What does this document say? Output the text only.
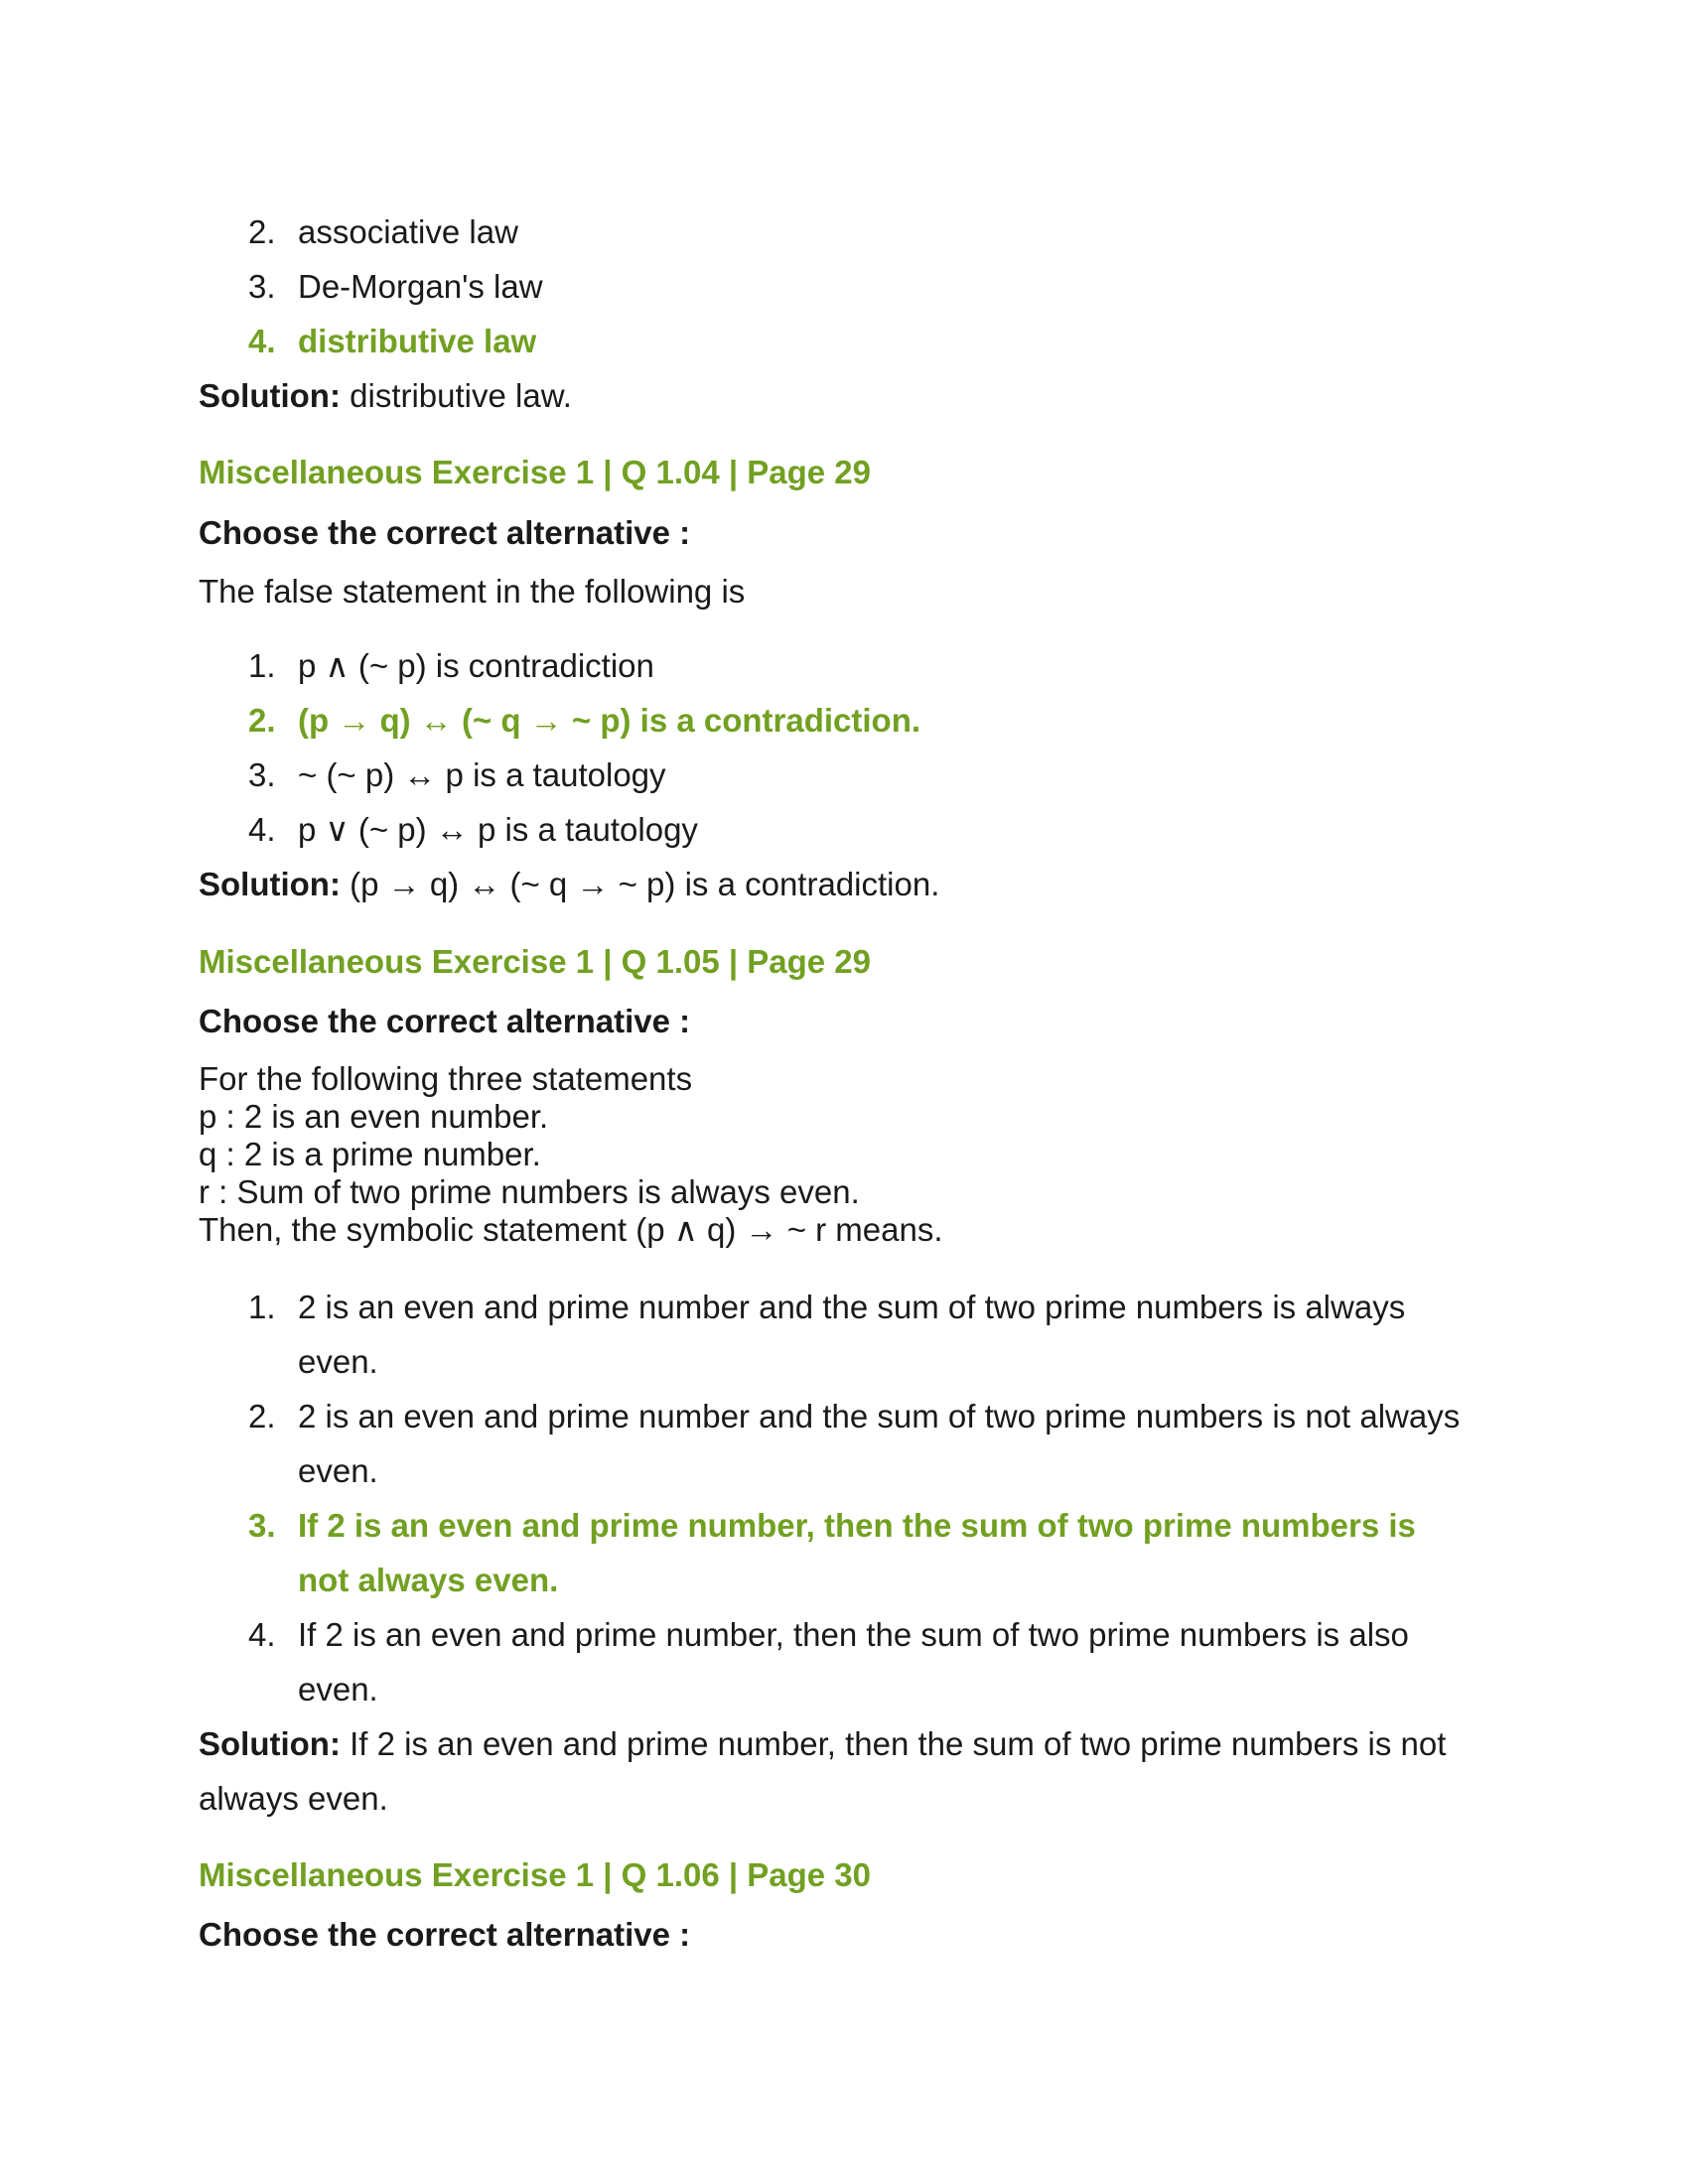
2. associative law
3. De-Morgan's law
4. distributive law
Solution: distributive law.
Miscellaneous Exercise 1 | Q 1.04 | Page 29
Choose the correct alternative :
The false statement in the following is
1. p ∧ (~ p) is contradiction
2. (p → q) ↔ (~ q → ~ p) is a contradiction.
3. ~ (~ p) ↔ p is a tautology
4. p ∨ (~ p) ↔ p is a tautology
Solution: (p → q) ↔ (~ q → ~ p) is a contradiction.
Miscellaneous Exercise 1 | Q 1.05 | Page 29
Choose the correct alternative :
For the following three statements
p : 2 is an even number.
q : 2 is a prime number.
r : Sum of two prime numbers is always even.
Then, the symbolic statement (p ∧ q) → ~ r means.
1. 2 is an even and prime number and the sum of two prime numbers is always
even.
2. 2 is an even and prime number and the sum of two prime numbers is not always
even.
3. If 2 is an even and prime number, then the sum of two prime numbers is
not always even.
4. If 2 is an even and prime number, then the sum of two prime numbers is also
even.
Solution: If 2 is an even and prime number, then the sum of two prime numbers is not
always even.
Miscellaneous Exercise 1 | Q 1.06 | Page 30
Choose the correct alternative :
